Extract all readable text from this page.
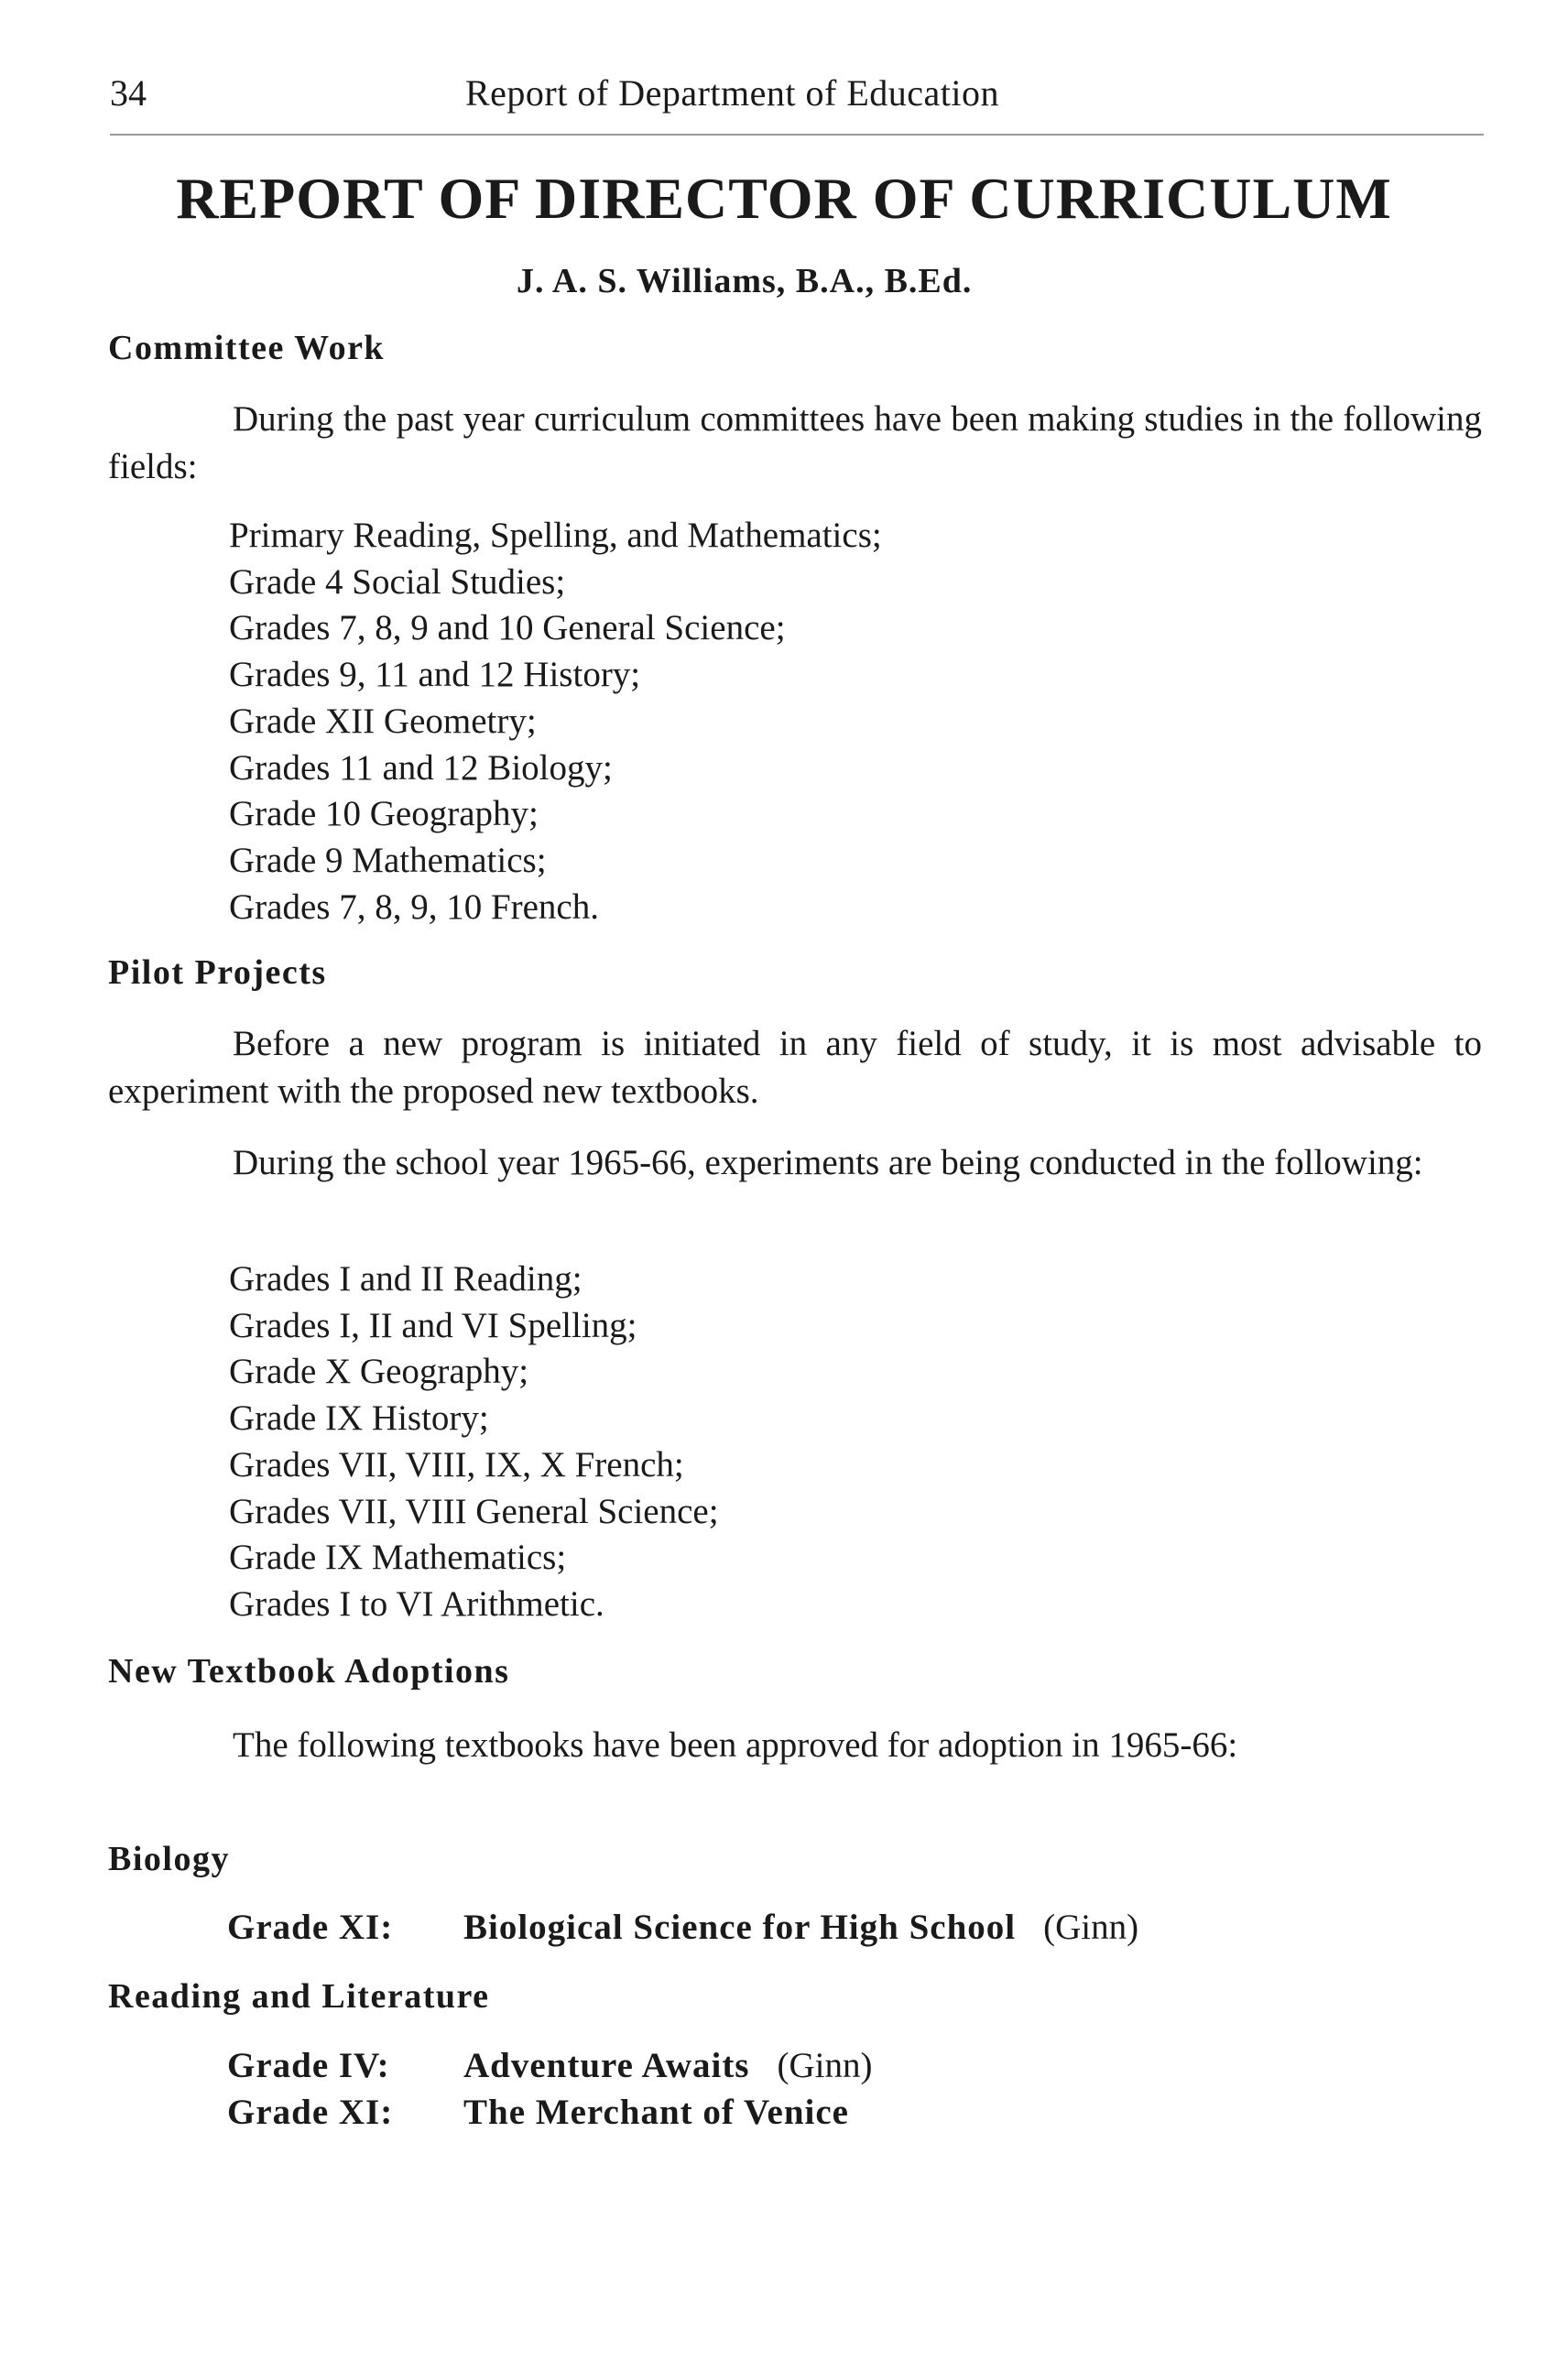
34	Report of Department of Education
REPORT OF DIRECTOR OF CURRICULUM
J. A. S. Williams, B.A., B.Ed.
Committee Work

During the past year curriculum committees have been making studies in the following fields:

Primary Reading, Spelling, and Mathematics;
Grade 4 Social Studies;
Grades 7, 8, 9 and 10 General Science;
Grades 9, 11 and 12 History;
Grade XII Geometry;
Grades 11 and 12 Biology;
Grade 10 Geography;
Grade 9 Mathematics;
Grades 7, 8, 9, 10 French.
Pilot Projects

Before a new program is initiated in any field of study, it is most advisable to experiment with the proposed new textbooks.

During the school year 1965-66, experiments are being conducted in the following:

Grades I and II Reading;
Grades I, II and VI Spelling;
Grade X Geography;
Grade IX History;
Grades VII, VIII, IX, X French;
Grades VII, VIII General Science;
Grade IX Mathematics;
Grades I to VI Arithmetic.
New Textbook Adoptions

The following textbooks have been approved for adoption in 1965-66:

Biology
Grade XI: Biological Science for High School (Ginn)
Reading and Literature
Grade IV: Adventure Awaits (Ginn)
Grade XI: The Merchant of Venice
